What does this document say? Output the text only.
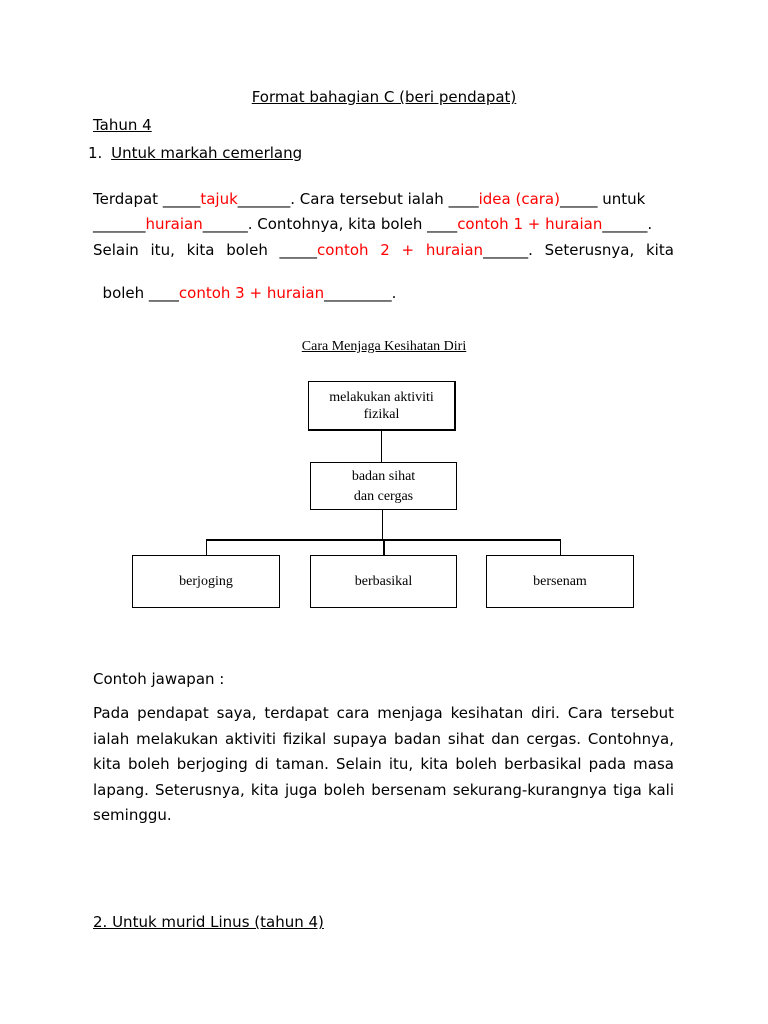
Format bahagian C (beri pendapat)
Tahun 4
1. Untuk markah cemerlang
Terdapat _____tajuk_______. Cara tersebut ialah ____idea (cara)_____ untuk
_______huraian______. Contohnya, kita boleh ____contoh 1 + huraian______.
Selain itu, kita boleh _____contoh 2 + huraian______. Seterusnya, kita

boleh ____contoh 3 + huraian_________.

Cara Menjaga Kesihatan Diri
melakukan aktiviti fizikal
badan sihat
dan cergas
berjoging	berbasikal	bersenam
Contoh jawapan :
Pada pendapat saya, terdapat cara menjaga kesihatan diri. Cara tersebut ialah melakukan aktiviti fizikal supaya badan sihat dan cergas. Contohnya, kita boleh berjoging di taman. Selain itu, kita boleh berbasikal pada masa lapang. Seterusnya, kita juga boleh bersenam sekurang-kurangnya tiga kali seminggu.
2. Untuk murid Linus (tahun 4)
